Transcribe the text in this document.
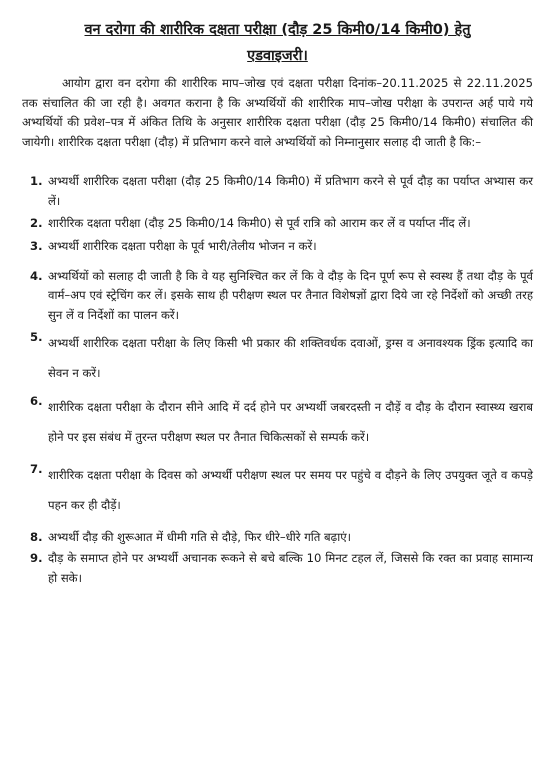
वन दरोगा की शारीरिक दक्षता परीक्षा (दौड़ 25 किमी0/14 किमी0) हेतु
एडवाइजरी।

आयोग द्वारा वन दरोगा की शारीरिक माप–जोख एवं दक्षता परीक्षा दिनांक–20.11.2025 से 22.11.2025 तक संचालित की जा रही है। अवगत कराना है कि अभ्यर्थियों की शारीरिक माप–जोख परीक्षा के उपरान्त अर्ह पाये गये अभ्यर्थियों की प्रवेश–पत्र में अंकित तिथि के अनुसार शारीरिक दक्षता परीक्षा (दौड़ 25 किमी0/14 किमी0) संचालित की जायेगी। शारीरिक दक्षता परीक्षा (दौड़) में प्रतिभाग करने वाले अभ्यर्थियों को निम्नानुसार सलाह दी जाती है कि:–

1. अभ्यर्थी शारीरिक दक्षता परीक्षा (दौड़ 25 किमी0/14 किमी0) में प्रतिभाग करने से पूर्व दौड़ का पर्याप्त अभ्यास कर लें।
2. शारीरिक दक्षता परीक्षा (दौड़ 25 किमी0/14 किमी0) से पूर्व रात्रि को आराम कर लें व पर्याप्त नींद लें।
3. अभ्यर्थी शारीरिक दक्षता परीक्षा के पूर्व भारी/तेलीय भोजन न करें।
4. अभ्यर्थियों को सलाह दी जाती है कि वे यह सुनिश्चित कर लें कि वे दौड़ के दिन पूर्ण रूप से स्वस्थ हैं तथा दौड़ के पूर्व वार्म–अप एवं स्ट्रेचिंग कर लें। इसके साथ ही परीक्षण स्थल पर तैनात विशेषज्ञों द्वारा दिये जा रहे निर्देशों को अच्छी तरह सुन लें व निर्देशों का पालन करें।
5. अभ्यर्थी शारीरिक दक्षता परीक्षा के लिए किसी भी प्रकार की शक्तिवर्धक दवाओं, ड्रग्स व अनावश्यक ड्रिंक इत्यादि का सेवन न करें।
6. शारीरिक दक्षता परीक्षा के दौरान सीने आदि में दर्द होने पर अभ्यर्थी जबरदस्ती न दौड़ें व दौड़ के दौरान स्वास्थ्य खराब होने पर इस संबंध में तुरन्त परीक्षण स्थल पर तैनात चिकित्सकों से सम्पर्क करें।
7. शारीरिक दक्षता परीक्षा के दिवस को अभ्यर्थी परीक्षण स्थल पर समय पर पहुंचे व दौड़ने के लिए उपयुक्त जूते व कपड़े पहन कर ही दौड़ें।
8. अभ्यर्थी दौड़ की शुरूआत में धीमी गति से दौड़े, फिर धीरे–धीरे गति बढ़ाएं।
9. दौड़ के समाप्त होने पर अभ्यर्थी अचानक रूकने से बचे बल्कि 10 मिनट टहल लें, जिससे कि रक्त का प्रवाह सामान्य हो सके।
